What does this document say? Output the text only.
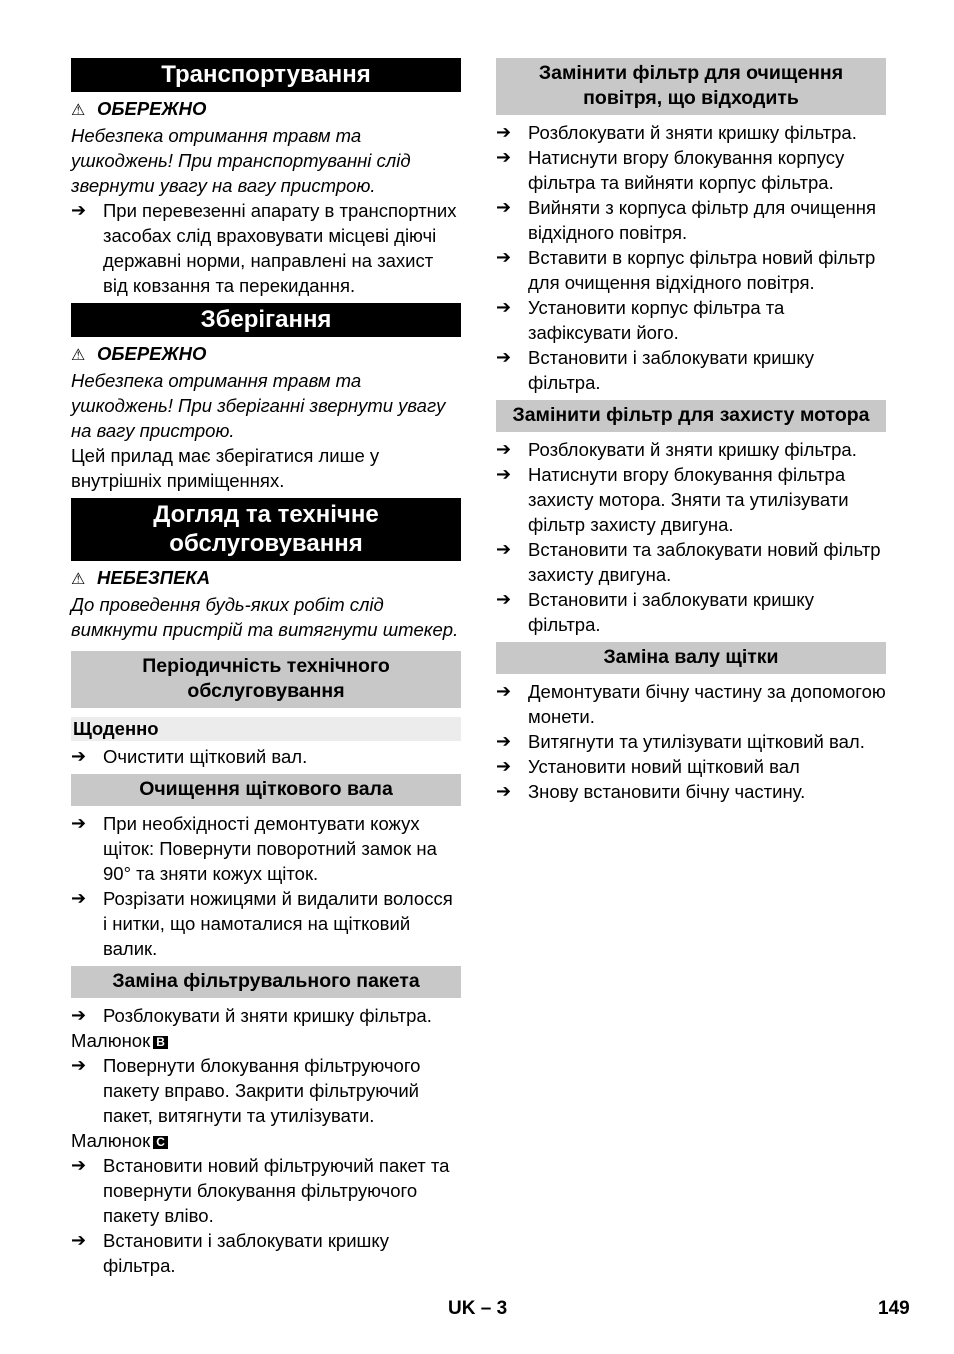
Транспортування

⚠ ОБЕРЕЖНО

Небезпека отримання травм та ушкоджень! При транспортуванні слід звернути увагу на вагу пристрою.

➔ При перевезенні апарату в транспортних засобах слід враховувати місцеві діючі державні норми, направлені на захист від ковзання та перекидання.
Зберігання

⚠ ОБЕРЕЖНО

Небезпека отримання травм та ушкоджень! При зберіганні звернути увагу на вагу пристрою.

Цей прилад має зберігатися лише у внутрішніх приміщеннях.

Догляд та технічне обслуговування

⚠ НЕБЕЗПЕКА

До проведення будь-яких робіт слід вимкнути пристрій та витягнути штекер.

Періодичність технічного обслуговування
Щоденно
➔ Очистити щітковий вал.
Очищення щіткового вала
➔ При необхідності демонтувати кожух щіток: Повернути поворотний замок на 90° та зняти кожух щіток.
➔ Розрізати ножицями й видалити волосся і нитки, що намоталися на щітковий валик.
Заміна фільтрувального пакета
➔ Розблокувати й зняти кришку фільтра.

Малюнок B

➔ Повернути блокування фільтруючого пакету вправо. Закрити фільтруючий пакет, витягнути та утилізувати.

Малюнок C

➔ Встановити новий фільтруючий пакет та повернути блокування фільтруючого пакету вліво.
➔ Встановити і заблокувати кришку фільтра.
Замінити фільтр для очищення повітря, що відходить
➔ Розблокувати й зняти кришку фільтра.
➔ Натиснути вгору блокування корпусу фільтра та вийняти корпус фільтра.
➔ Вийняти з корпуса фільтр для очищення відхідного повітря.
➔ Вставити в корпус фільтра новий фільтр для очищення відхідного повітря.
➔ Установити корпус фільтра та зафіксувати його.
➔ Встановити і заблокувати кришку фільтра.
Замінити фільтр для захисту мотора
➔ Розблокувати й зняти кришку фільтра.
➔ Натиснути вгору блокування фільтра захисту мотора. Зняти та утилізувати фільтр захисту двигуна.
➔ Встановити та заблокувати новий фільтр захисту двигуна.
➔ Встановити і заблокувати кришку фільтра.
Заміна валу щітки
➔ Демонтувати бічну частину за допомогою монети.
➔ Витягнути та утилізувати щітковий вал.
➔ Установити новий щітковий вал
➔ Знову встановити бічну частину.
UK – 3	149
